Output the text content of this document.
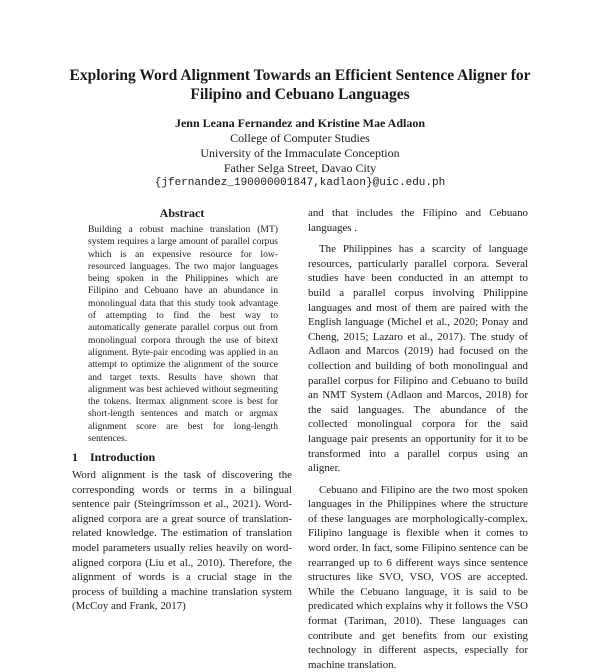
Exploring Word Alignment Towards an Efficient Sentence Aligner for
Filipino and Cebuano Languages
Jenn Leana Fernandez and Kristine Mae Adlaon
College of Computer Studies
University of the Immaculate Conception
Father Selga Street, Davao City
{jfernandez_190000001847,kadlaon}@uic.edu.ph
Abstract

Building a robust machine translation (MT) system requires a large amount of parallel corpus which is an expensive resource for low-resourced languages. The two major languages being spoken in the Philippines which are Filipino and Cebuano have an abundance in monolingual data that this study took advantage of attempting to find the best way to automatically generate parallel corpus out from monolingual corpora through the use of bitext alignment. Byte-pair encoding was applied in an attempt to optimize the alignment of the source and target texts. Results have shown that alignment was best achieved without segmenting the tokens. Itermax alignment score is best for short-length sentences and match or argmax alignment score are best for long-length sentences.

1 Introduction

Word alignment is the task of discovering the corresponding words or terms in a bilingual sentence pair (Steingrímsson et al., 2021). Word-aligned corpora are a great source of translation-related knowledge. The estimation of translation model parameters usually relies heavily on word-aligned corpora (Liu et al., 2010). Therefore, the alignment of words is a crucial stage in the process of building a machine translation system (McCoy and Frank, 2017)

and that includes the Filipino and Cebuano languages .

The Philippines has a scarcity of language resources, particularly parallel corpora. Several studies have been conducted in an attempt to build a parallel corpus involving Philippine languages and most of them are paired with the English language (Michel et al., 2020; Ponay and Cheng, 2015; Lazaro et al., 2017). The study of Adlaon and Marcos (2019) had focused on the collection and building of both monolingual and parallel corpus for Filipino and Cebuano to build an NMT System (Adlaon and Marcos, 2018) for the said languages. The abundance of the collected monolingual corpora for the said language pair presents an opportunity for it to be transformed into a parallel corpus using an aligner.

Cebuano and Filipino are the two most spoken languages in the Philippines where the structure of these languages are morphologically-complex. Filipino language is flexible when it comes to word order. In fact, some Filipino sentence can be rearranged up to 6 different ways since sentence structures like SVO, VSO, VOS are accepted. While the Cebuano language, it is said to be predicated which explains why it follows the VSO format (Tariman, 2010). These languages can contribute and get benefits from our existing technology in different aspects, especially for machine translation.
